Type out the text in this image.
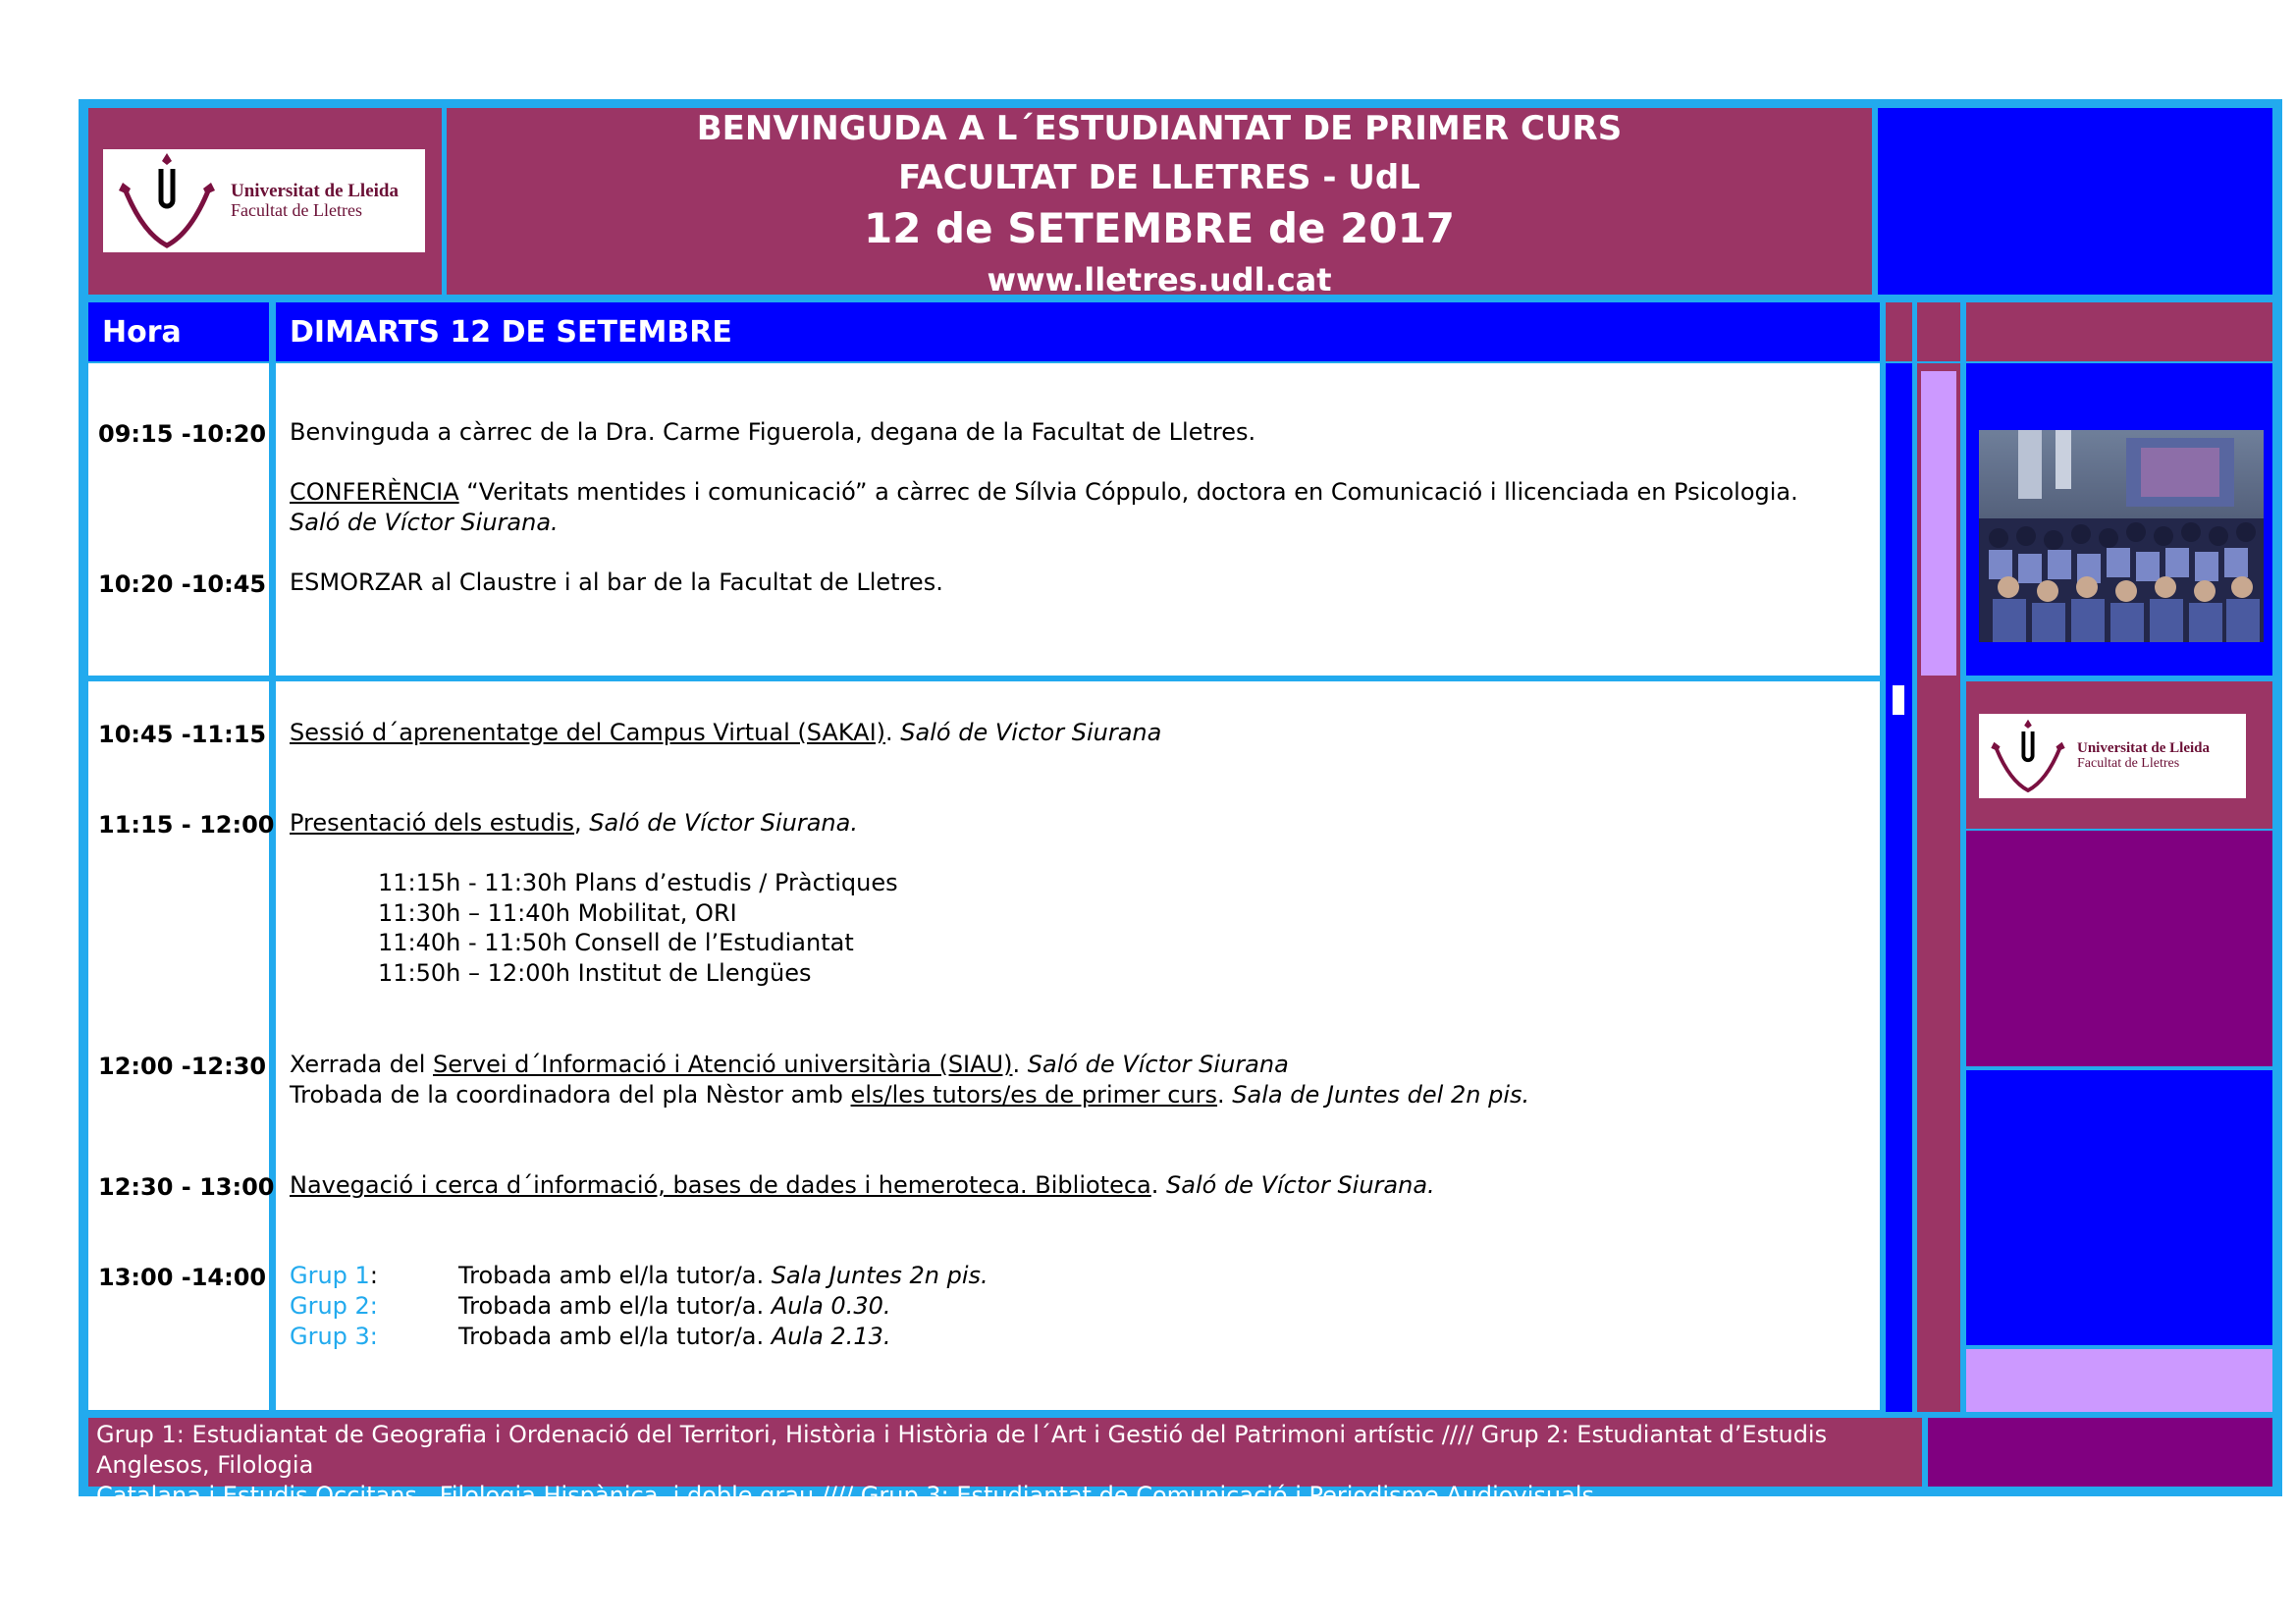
Universitat de Lleida
Facultat de Lletres
BENVINGUDA A L´ESTUDIANTAT DE PRIMER CURS
FACULTAT DE LLETRES - UdL
12 de SETEMBRE de 2017
www.lletres.udl.cat
Hora	DIMARTS 12 DE SETEMBRE
09:15 -10:20 Benvinguda a càrrec de la Dra. Carme Figuerola, degana de la Facultat de Lletres.
CONFERÈNCIA “Veritats mentides i comunicació” a càrrec de Sílvia Cóppulo, doctora en Comunicació i llicenciada en Psicologia.
Saló de Víctor Siurana.
10:20 -10:45 ESMORZAR al Claustre i al bar de la Facultat de Lletres.
10:45 -11:15 Sessió d´aprenentatge del Campus Virtual (SAKAI). Saló de Victor Siurana
11:15 - 12:00 Presentació dels estudis, Saló de Víctor Siurana.
11:15h - 11:30h Plans d’estudis / Pràctiques
11:30h – 11:40h Mobilitat, ORI
11:40h - 11:50h Consell de l’Estudiantat
11:50h – 12:00h Institut de Llengües
12:00 -12:30 Xerrada del Servei d´Informació i Atenció universitària (SIAU). Saló de Víctor Siurana
Trobada de la coordinadora del pla Nèstor amb els/les tutors/es de primer curs. Sala de Juntes del 2n pis.
12:30 - 13:00 Navegació i cerca d´informació, bases de dades i hemeroteca. Biblioteca. Saló de Víctor Siurana.
13:00 -14:00 Grup 1:	Trobada amb el/la tutor/a. Sala Juntes 2n pis.
Grup 2:	Trobada amb el/la tutor/a. Aula 0.30.
Grup 3:	Trobada amb el/la tutor/a. Aula 2.13.
Universitat de Lleida
Facultat de Lletres
Grup 1: Estudiantat de Geografia i Ordenació del Territori, Història i Història de l´Art i Gestió del Patrimoni artístic //// Grup 2: Estudiantat d’Estudis Anglesos, Filologia
Catalana i Estudis Occitans , Filologia Hispànica, i doble grau //// Grup 3: Estudiantat de Comunicació i Periodisme Audiovisuals
